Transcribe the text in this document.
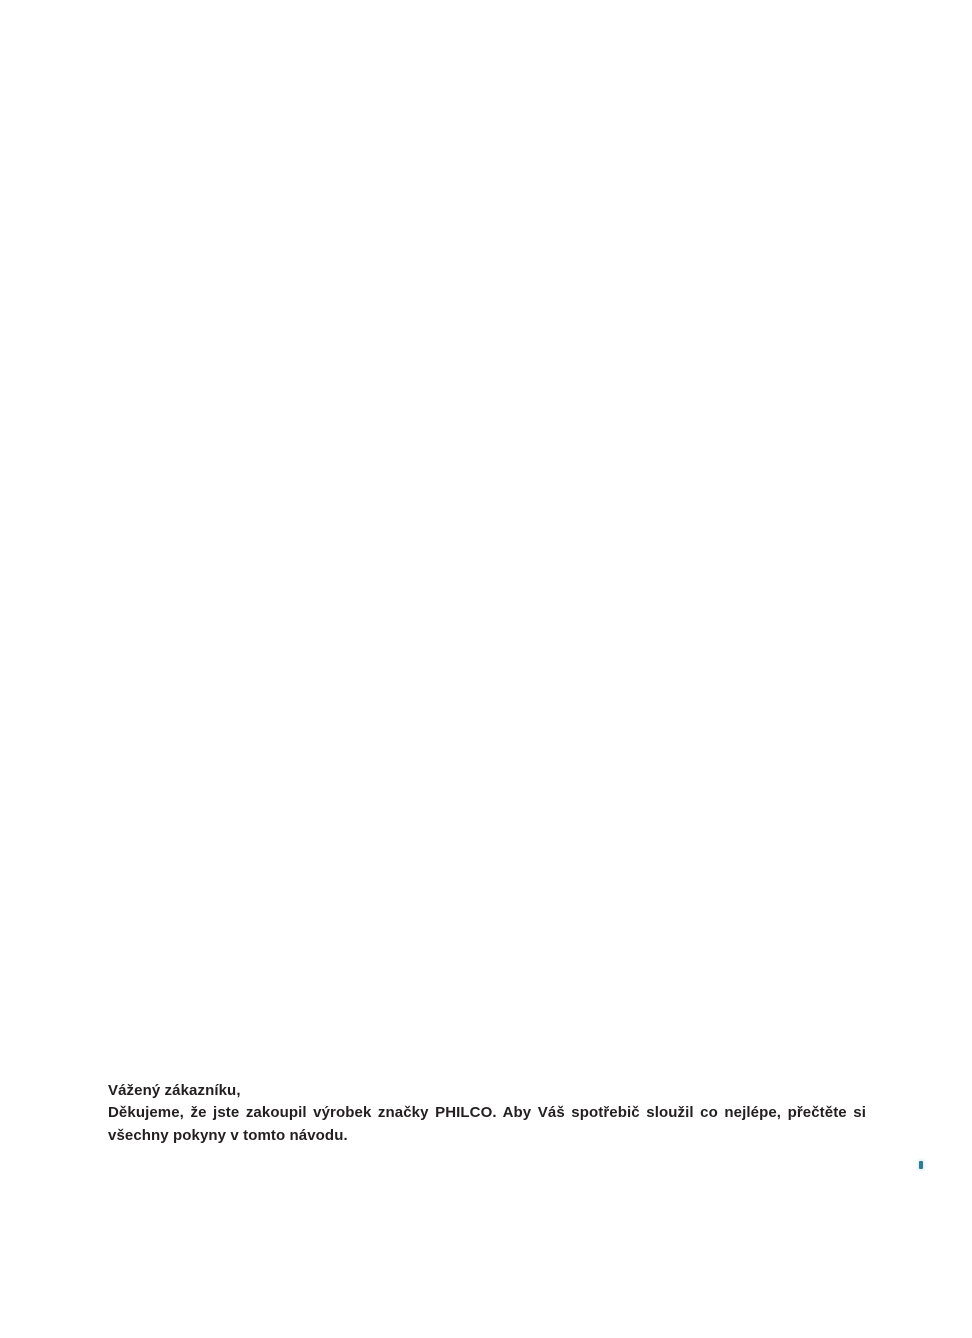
Vážený zákazníku,
Děkujeme, že jste zakoupil výrobek značky PHILCO. Aby Váš spotřebič sloužil co nejlépe, přečtěte si
všechny pokyny v tomto návodu.
